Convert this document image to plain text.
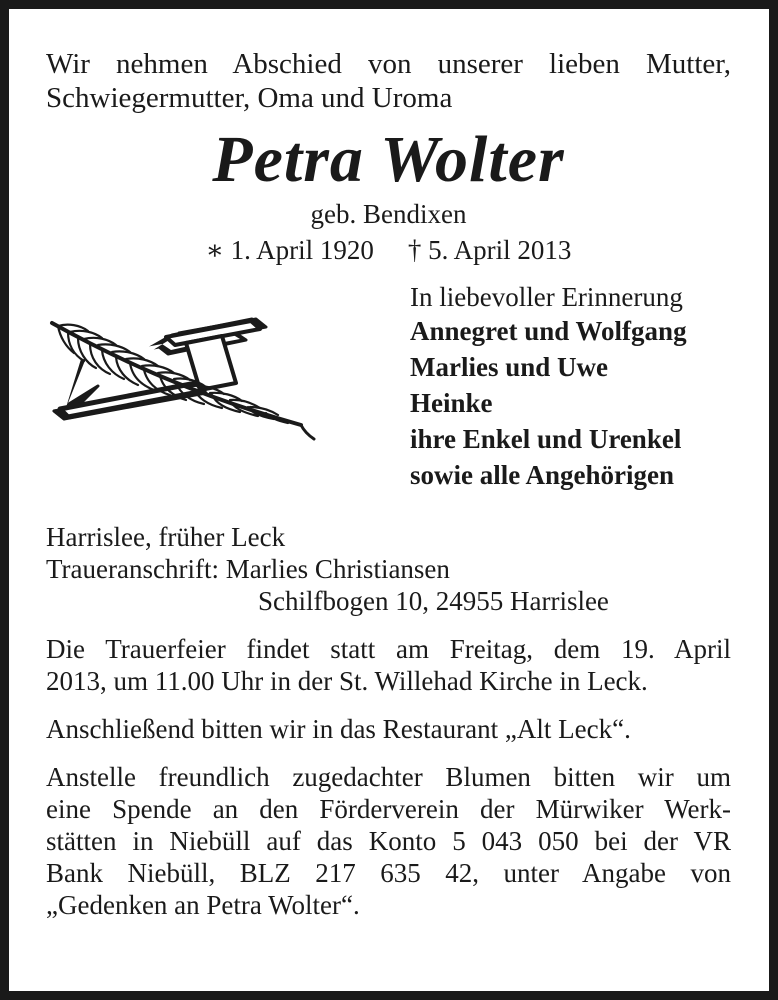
Wir nehmen Abschied von unserer lieben Mutter,
Schwiegermutter, Oma und Uroma
Petra Wolter
geb. Bendixen
∗ 1. April 1920 † 5. April 2013
In liebevoller Erinnerung
Annegret und Wolfgang
Marlies und Uwe
Heinke
ihre Enkel und Urenkel
sowie alle Angehörigen
Harrislee, früher Leck
Traueranschrift: Marlies Christiansen
Schilfbogen 10, 24955 Harrislee
Die Trauerfeier findet statt am Freitag, dem 19. April
2013, um 11.00 Uhr in der St. Willehad Kirche in Leck.
Anschließend bitten wir in das Restaurant „Alt Leck“.
Anstelle freundlich zugedachter Blumen bitten wir um
eine Spende an den Förderverein der Mürwiker Werk-
stätten in Niebüll auf das Konto 5 043 050 bei der VR
Bank Niebüll, BLZ 217 635 42, unter Angabe von
„Gedenken an Petra Wolter“.
